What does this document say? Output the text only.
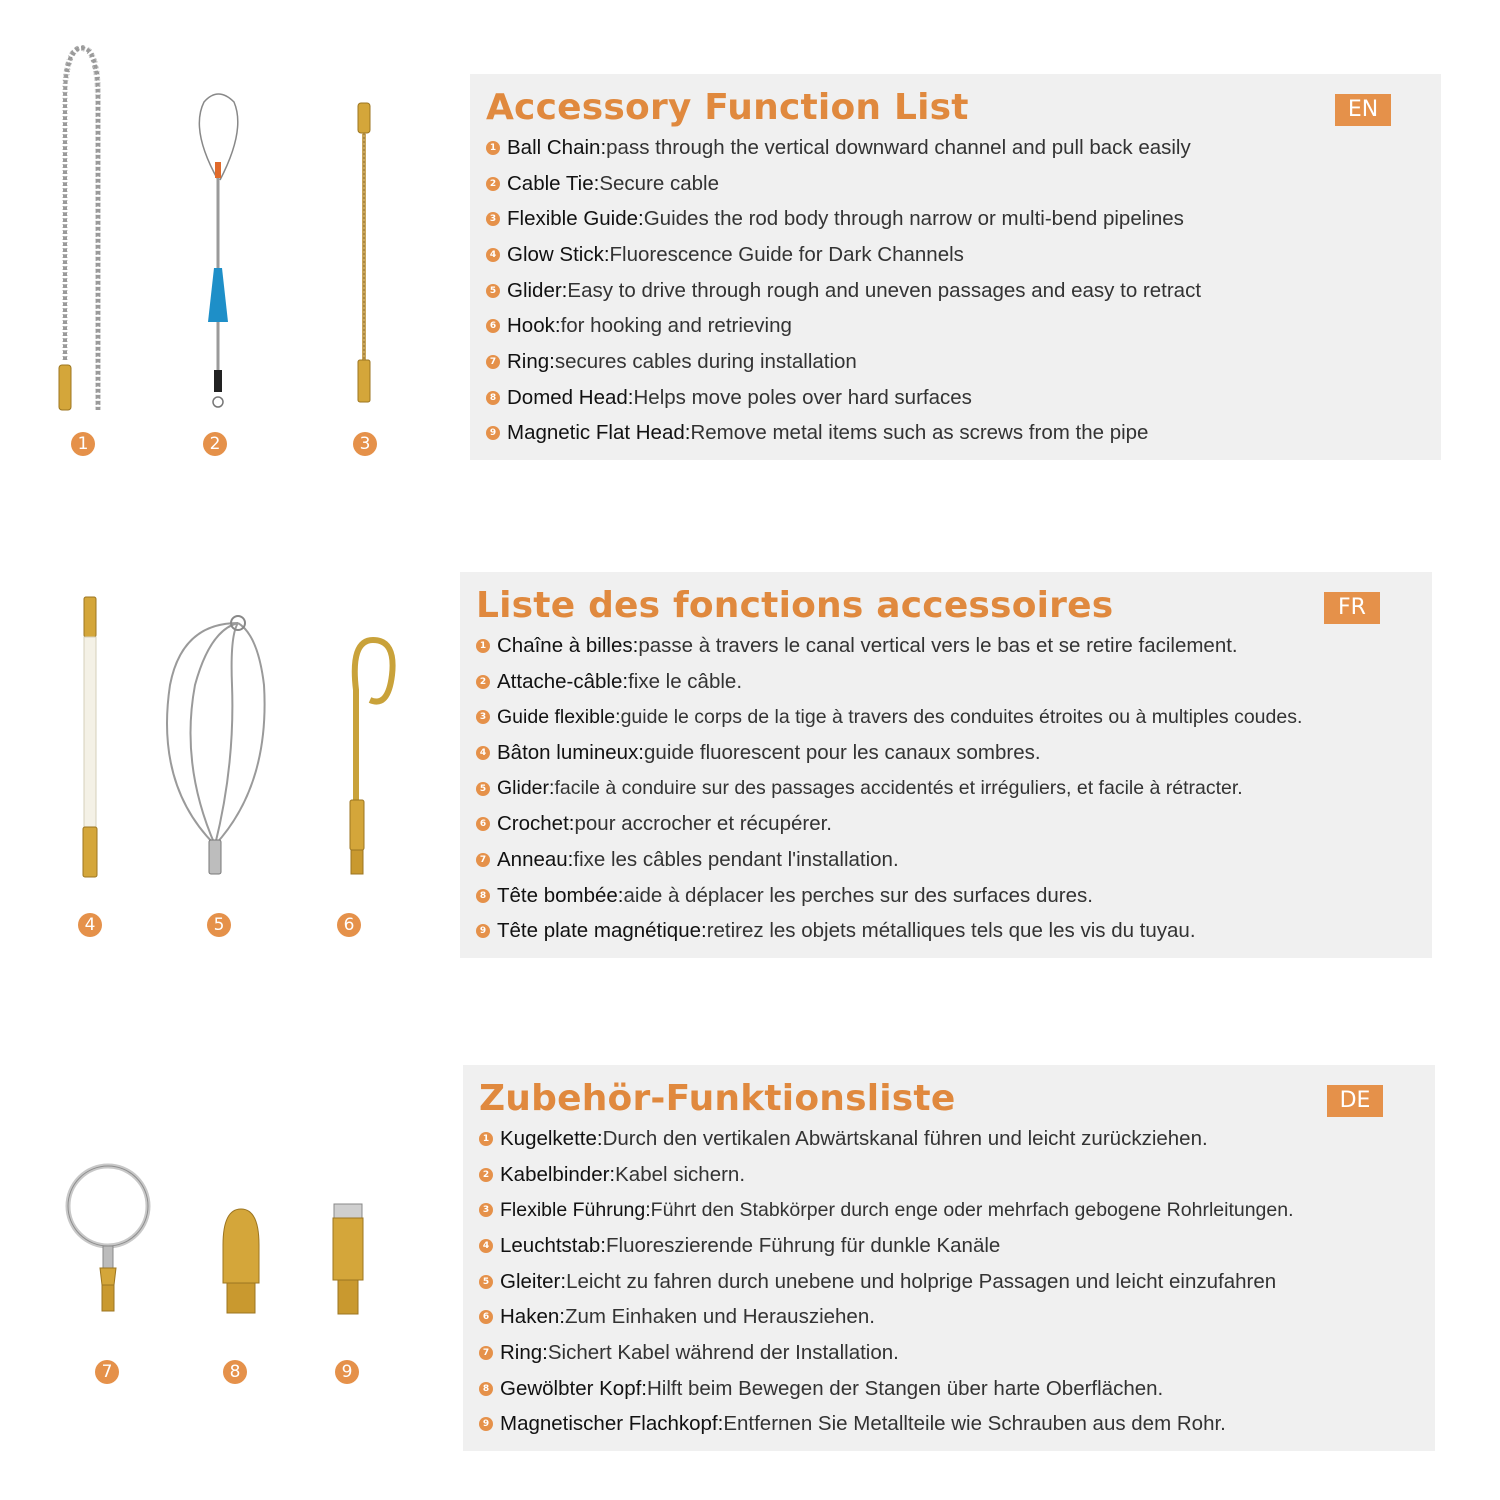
1	2	3
4	5	6
7	8	9
Accessory Function List	EN
1 Ball Chain: pass through the vertical downward channel and pull back easily
2 Cable Tie: Secure cable
3 Flexible Guide: Guides the rod body through narrow or multi-bend pipelines
4 Glow Stick: Fluorescence Guide for Dark Channels
5 Glider: Easy to drive through rough and uneven passages and easy to retract
6 Hook: for hooking and retrieving
7 Ring: secures cables during installation
8 Domed Head: Helps move poles over hard surfaces
9 Magnetic Flat Head: Remove metal items such as screws from the pipe
Liste des fonctions accessoires	FR
1 Chaîne à billes: passe à travers le canal vertical vers le bas et se retire facilement.
2 Attache-câble: fixe le câble.
3 Guide flexible: guide le corps de la tige à travers des conduites étroites ou à multiples coudes.
4 Bâton lumineux: guide fluorescent pour les canaux sombres.
5 Glider: facile à conduire sur des passages accidentés et irréguliers, et facile à rétracter.
6 Crochet: pour accrocher et récupérer.
7 Anneau: fixe les câbles pendant l'installation.
8 Tête bombée: aide à déplacer les perches sur des surfaces dures.
9 Tête plate magnétique: retirez les objets métalliques tels que les vis du tuyau.
Zubehör-Funktionsliste	DE
1 Kugelkette: Durch den vertikalen Abwärtskanal führen und leicht zurückziehen.
2 Kabelbinder: Kabel sichern.
3 Flexible Führung: Führt den Stabkörper durch enge oder mehrfach gebogene Rohrleitungen.
4 Leuchtstab: Fluoreszierende Führung für dunkle Kanäle
5 Gleiter: Leicht zu fahren durch unebene und holprige Passagen und leicht einzufahren
6 Haken: Zum Einhaken und Herausziehen.
7 Ring: Sichert Kabel während der Installation.
8 Gewölbter Kopf: Hilft beim Bewegen der Stangen über harte Oberflächen.
9 Magnetischer Flachkopf: Entfernen Sie Metallteile wie Schrauben aus dem Rohr.
